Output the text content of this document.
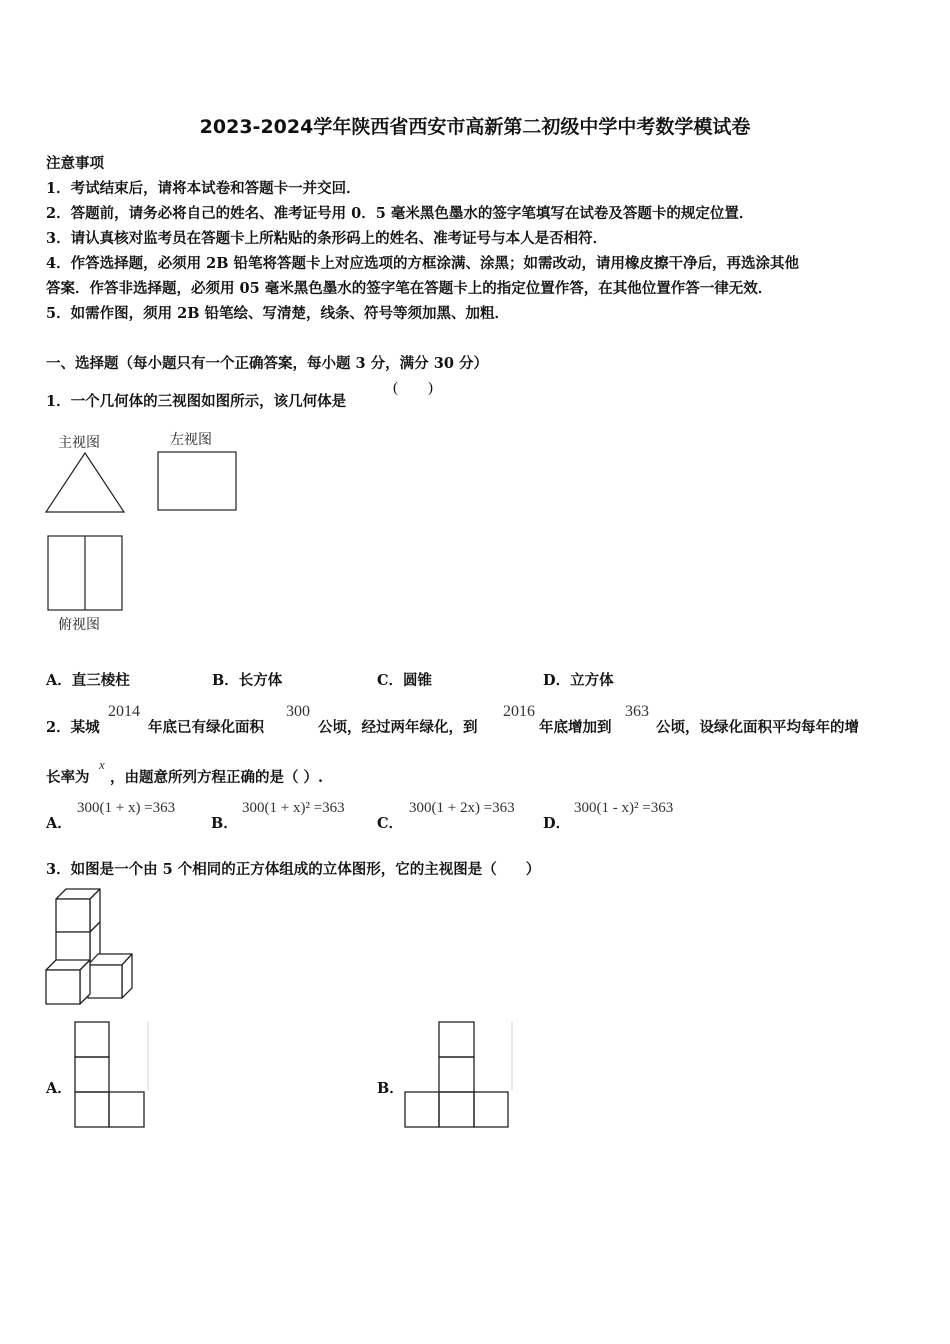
2023-2024学年陕西省西安市高新第二初级中学中考数学模试卷
注意事项
1．考试结束后，请将本试卷和答题卡一并交回．
2．答题前，请务必将自己的姓名、准考证号用 0．5 毫米黑色墨水的签字笔填写在试卷及答题卡的规定位置．
3．请认真核对监考员在答题卡上所粘贴的条形码上的姓名、准考证号与本人是否相符．
4．作答选择题，必须用 2B 铅笔将答题卡上对应选项的方框涂满、涂黑；如需改动，请用橡皮擦干净后，再选涂其他
答案．作答非选择题，必须用 05 毫米黑色墨水的签字笔在答题卡上的指定位置作答，在其他位置作答一律无效．
5．如需作图，须用 2B 铅笔绘、写清楚，线条、符号等须加黑、加粗．
一、选择题（每小题只有一个正确答案，每小题 3 分，满分 30 分）
1．一个几何体的三视图如图所示，该几何体是
(　　)
主视图	左视图
俯视图
A．直三棱柱	B．长方体	C．圆锥	D．立方体
2．某城
2014
年底已有绿化面积
300
公顷，经过两年绿化，到
2016
年底增加到
363
公顷，设绿化面积平均每年的增
长率为
x
，由题意所列方程正确的是（ ）.
A．
300(1 + x) =363
B．
300(1 + x)² =363
C．
300(1 + 2x) =363
D．
300(1 - x)² =363
3．如图是一个由 5 个相同的正方体组成的立体图形，它的主视图是（　　）
A．	B．
